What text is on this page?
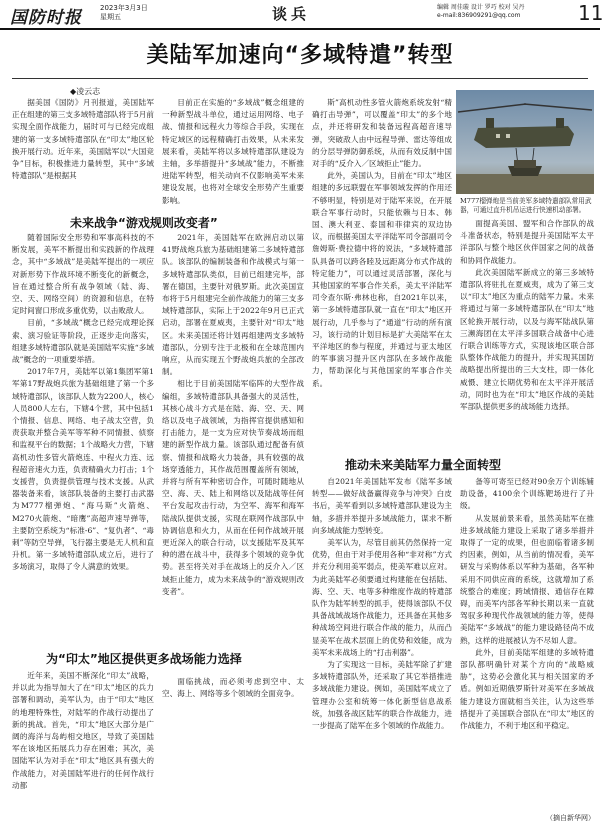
国防时报	2023年3月3日
星期五	谈兵	编辑 周佳璇 设计 罗巧 校对 吴丹
e-mail:836909291@qq.com	11
美陆军加速向“多域特遣”转型
◆凌云志

据美国《国防》月刊报道，美国陆军正在组建的第三支多域特遣部队将于5月前实现全面作战能力，届时可与已经完成组建的第一支多域特遣部队在“印太”地区轮换开展行动。近年来，美国陆军以“大国竞争”目标，积极推进力量转型，其中“多域特遣部队”是根据其

目前正在实施的“多域战”概念组建的一种新型战斗单位，通过运用网络、电子战、情报和远程火力等综合手段，实现在特定域区的远程精确打击效果，从未来发展来看，美陆军将以多域特遣部队建设为主轴，多举措提升“多域战”能力，不断推进陆军转型，相关动向不仅影响美军未来建设发展，也将对全球安全形势产生重要影响。

斯”高机动性多管火箭炮系统发射“精确打击导弹”，可以覆盖“印太”的多个地点，并还将研发和装备远程高超音速导弹，突破敌人由中远程导弹、雷达等组成的分层导弹防御系统，从而有效反制中国对手的“反介入／区域拒止”能力。

此外，美国认为，目前在“印太”地区组建的多远联盟在军事领域发挥的作用还不够明显，特别是对于陆军来说，在开展联合军事行动时，只能依赖与日本、韩国、澳大利亚、泰国和菲律宾的双边协议，而根据美国太平洋陆军司令部副司令詹姆斯·费拉德中将的说法，“多域特遣部队具备可以跨各睦及远距离分布式作战的特定能力”，可以通过灵活部署，深化与其他国家的军事合作关系，美太平洋陆军司令查尔斯·弗林也称，自2021年以来，第一多域特遣部队就一直在“印太”地区开展行动，几乎参与了“通道”行动的所有演习，该行动的计划目标是扩大美陆军在太平洋地区的参与程度，并通过与亚太地区的军事演习提升区内部队在多域作战能力，帮助深化与其他国家的军事合作关系。

M777榴弹炮是当前美军多域特遣部队常用武器，可通过直升机吊运进行快速机动部署。
未来战争“游戏规则改变者”

随着国际安全形势和军事高科技的不断发展，美军不断提出和实践新的作战理念，其中“多域战”是美陆军提出的一项应对新形势下作战环境不断变化的新概念，旨在通过整合所有战争领域（陆、海、空、天、网络空间）的资源和信息，在特定时间窗口形成多重优势，以击败敌人。

目前，“多域战”概念已经完成理论探索、演习验证等阶段，正逐步走向落实，组建多域特遣部队就是美国陆军实施“多域战”概念的一项重要举措。

2017年7月，美陆军以第1集团军第1军第17野战炮兵旅为基础组建了第一个多域特遣部队，该部队人数为2200人，核心人员800人左右，下辖4个营，其中包括1个情报、信息、网络、电子战太空营，负责获取并整合美军等军种不同情报、侦察和监视平台的数据；1个战略火力营，下辖高机动性多管火箭炮连、中程火力连、远程超音速火力连，负责精确火力打击；1个支援营，负责提供管理与技术支援。从武器装备来看，该部队装备的主要打击武器为M777榴弹炮、“海马斯”火箭炮、M270火箭炮、“暗鹰”高超声速导弹等，主要防空系统为“标准-6”、“复仇者”、“毒刺”等防空导弹，飞行器主要是无人机和直升机。第一多域特遣部队成立后，进行了多场演习，取得了令人满意的效果。

2021年，美国陆军在欧洲启动以第41野战炮兵旅为基础组建第二多域特遣部队。该部队的编制装备和作战模式与第一多域特遣部队类似，目前已组建完毕，部署在德国，主要针对俄罗斯。此次美国宣布将于5月组建完全前作战能力的第三支多域特遣部队，实际上于2022年9月已正式启动，部署在夏威夷，主要针对“印太”地区。未来美国还将计划再组建两支多域特遣部队，分别专注于北极和在全球范围内响应，从而实现五个野战炮兵旅的全部改制。

相比于目前美国陆军临阵的大型作战编组，多域特遣部队具备强大的灵活性，其核心战斗方式是在陆、海、空、天、网络以及电子战领域，为指挥官提供感知和打击能力，是一支为应对快节奏战场而组建的新型作战力量。该部队通过配备有侦察、情报和战略火力装备，具有较强的战场穿透能力，其作战范围覆盖所有领域，并将与所有军种密切合作，可随时随地从空、海、天、陆上和网络以及陆战等任何平台发起攻击行动，为空军、海军和海军陆战队提供支援，实现在联网作战部队中协调信息和火力，从而在任何作战域开展更近深入的联合行动，以支援陆军及其军种的潜在战斗中，获得多个领域的竞争优势。甚至将关对手在战场上的反介入／区域拒止能力，成为未来战争的“游戏规则改变者”。

面提高美国、盟军和合作部队的战斗准备状态，特别是提升美国陆军太平洋部队与整个地区伙伴国家之间的战备和协同作战能力。

此次美国陆军新成立的第三多域特遣部队将驻扎在夏威夷，成为了第三支以“印太”地区为重点的陆军力量。未来将通过与第一多域特遣部队在“印太”地区轮换开展行动，以及与海军陆战队第三濒海团在太平洋多国联合战备中心进行联合训练等方式，实现该地区联合部队整体作战能力的提升，并实现其国防战略提出所提出的三大支柱，即一体化威慑、建立长期优势和在太平洋开展活动，同时也为在“印太”地区作战的美陆军部队提供更多的战场能力选择。

推动未来美陆军力量全面转型

自2021年美国陆军发布《陆军多域转型——做好战备赢得竞争与冲突》白皮书后，美军看到以多域特遣部队建设为主轴，多措并举提升多域战能力，谋求不断向多域战能力型转变。

美军认为，尽管目前其仍然保持一定优势，但由于对手使用各种“非对称”方式并充分利用美军弱点，使美军难以应对。为此美陆军必须要通过构建能在包括陆、海、空、天、电等多种维度作战的特遣部队作为陆军转型的抓手，使得该部队不仅具备战域战场作战能力，还具备在其他多种战场空间进行联合作战的能力，从而凸显美军在战术层面上的优势和效能，成为美军未来战场上的“打击利器”。

为了实现这一目标，美陆军除了扩建多域特遣部队外，还采取了其它举措推进多域战能力建设。例如，美国陆军成立了管理办公室和统筹一体化新型信息战系统，加强各战区陆军的联合作战能力，进一步提高了陆军在多个领域的作战能力。

备等可寄至已经对90余万个训练辅助设备，4100余个训练靶场进行了升级。

从发展前景来看，虽然美陆军在推进多域战能力建设上采取了诸多举措并取得了一定的成果，但也面临着诸多制约因素，例如，从当前的情况看，美军研发与采购体系以军种为基础，各军种采用不同供应商的系统，这就增加了系统整合的难度；跨域情报、通信存在障碍，而美军内部各军种长期以来一直就驾驭多种现代作战领域的能力等，使得美陆军“多域战”的能力建设路径尚不成熟，这样的进展被认为不尽如人意。

此外，目前美陆军组建的多域特遣部队都明确针对某个方向的“战略威胁”，这势必会激化其与相关国家的矛盾。例如近期俄罗斯针对美军在多域战能力建设方面就相当关注，认为这些举措提升了美国联合部队在“印太”地区的作战能力，不利于地区和平稳定。

为“印太”地区提供更多战场能力选择

近年来，美国不断深化“印太”战略，并以此为指导加大了在“印太”地区的兵力部署和调动，美军认为，由于“印太”地区的地理特殊性，对陆军的作战行动提出了新的挑战。首先，“印太”地区大部分是广阔的海洋与岛屿相交地区，导致了美国陆军在该地区拓展兵力存在困难；其次，美国陆军认为对手在“印太”地区具有强大的作战能力，对美国陆军进行的任何作战行动都

面临挑战，而必须考虑到空中、太空、海上、网络等多个领域的全面竞争。

（摘自新华网）
